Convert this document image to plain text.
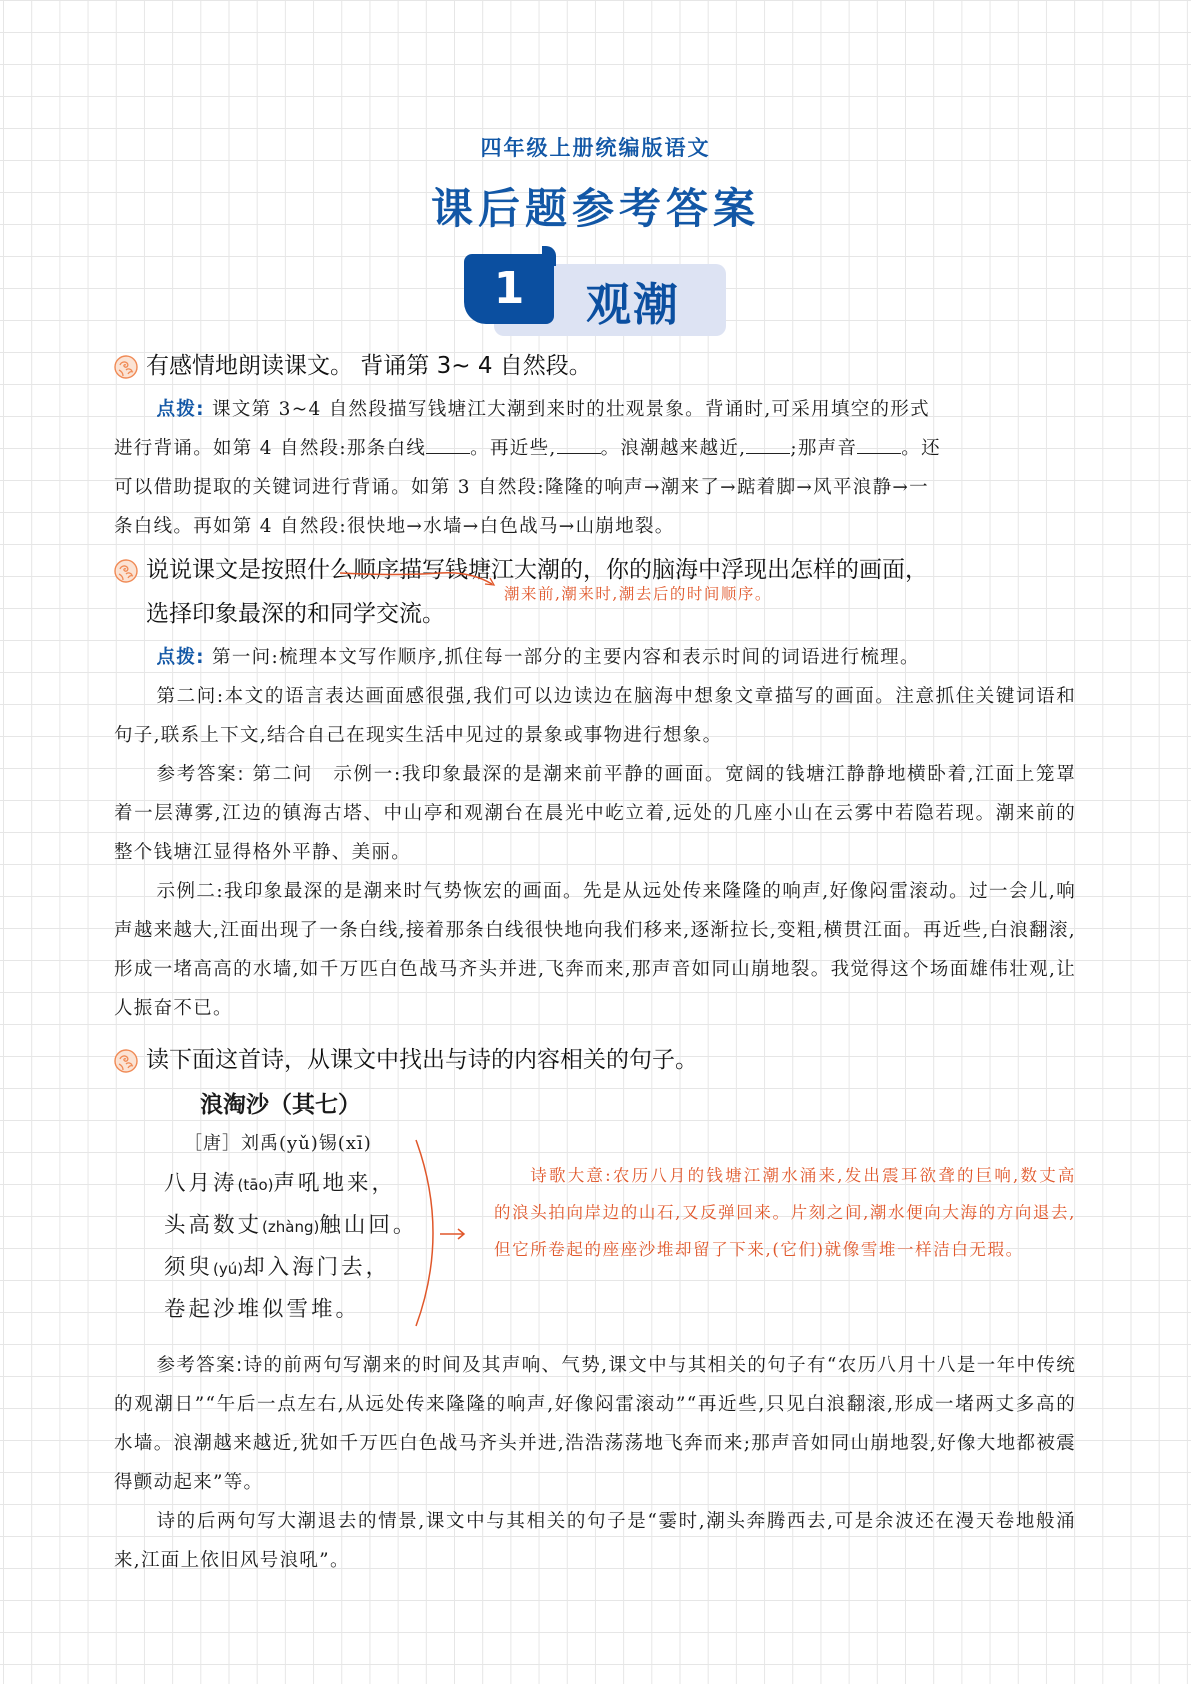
四年级上册统编版语文
课后题参考答案
1	观潮
有感情地朗读课文。 背诵第 3~ 4 自然段。
点拨: 课文第 3~4 自然段描写钱塘江大潮到来时的壮观景象。背诵时,可采用填空的形式
进行背诵。如第 4 自然段:那条白线 。再近些, 。浪潮越来越近, ;那声音 。还
可以借助提取的关键词进行背诵。如第 3 自然段:隆隆的响声→潮来了→踮着脚→风平浪静→一
条白线。再如第 4 自然段:很快地→水墙→白色战马→山崩地裂。
说说课文是按照什么顺序描写钱塘江大潮的，你的脑海中浮现出怎样的画面，
选择印象最深的和同学交流。
潮来前,潮来时,潮去后的时间顺序。
点拨: 第一问:梳理本文写作顺序,抓住每一部分的主要内容和表示时间的词语进行梳理。
第二问:本文的语言表达画面感很强,我们可以边读边在脑海中想象文章描写的画面。注意抓住关键词语和句子,联系上下文,结合自己在现实生活中见过的景象或事物进行想象。
参考答案: 第二问　示例一:我印象最深的是潮来前平静的画面。宽阔的钱塘江静静地横卧着,江面上笼罩着一层薄雾,江边的镇海古塔、中山亭和观潮台在晨光中屹立着,远处的几座小山在云雾中若隐若现。潮来前的整个钱塘江显得格外平静、美丽。
示例二:我印象最深的是潮来时气势恢宏的画面。先是从远处传来隆隆的响声,好像闷雷滚动。过一会儿,响声越来越大,江面出现了一条白线,接着那条白线很快地向我们移来,逐渐拉长,变粗,横贯江面。再近些,白浪翻滚,形成一堵高高的水墙,如千万匹白色战马齐头并进,飞奔而来,那声音如同山崩地裂。我觉得这个场面雄伟壮观,让人振奋不已。
读下面这首诗，从课文中找出与诗的内容相关的句子。
浪淘沙（其七）
［唐］刘禹(yǔ)锡(xī)
八月涛(tāo)声吼地来，
头高数丈(zhàng)触山回。
须臾(yú)却入海门去，
卷起沙堆似雪堆。
诗歌大意:农历八月的钱塘江潮水涌来,发出震耳欲聋的巨响,数丈高的浪头拍向岸边的山石,又反弹回来。片刻之间,潮水便向大海的方向退去,但它所卷起的座座沙堆却留了下来,(它们)就像雪堆一样洁白无瑕。
参考答案:诗的前两句写潮来的时间及其声响、气势,课文中与其相关的句子有“农历八月十八是一年中传统的观潮日”“午后一点左右,从远处传来隆隆的响声,好像闷雷滚动”“再近些,只见白浪翻滚,形成一堵两丈多高的水墙。浪潮越来越近,犹如千万匹白色战马齐头并进,浩浩荡荡地飞奔而来;那声音如同山崩地裂,好像大地都被震得颤动起来”等。
诗的后两句写大潮退去的情景,课文中与其相关的句子是“霎时,潮头奔腾西去,可是余波还在漫天卷地般涌来,江面上依旧风号浪吼”。
